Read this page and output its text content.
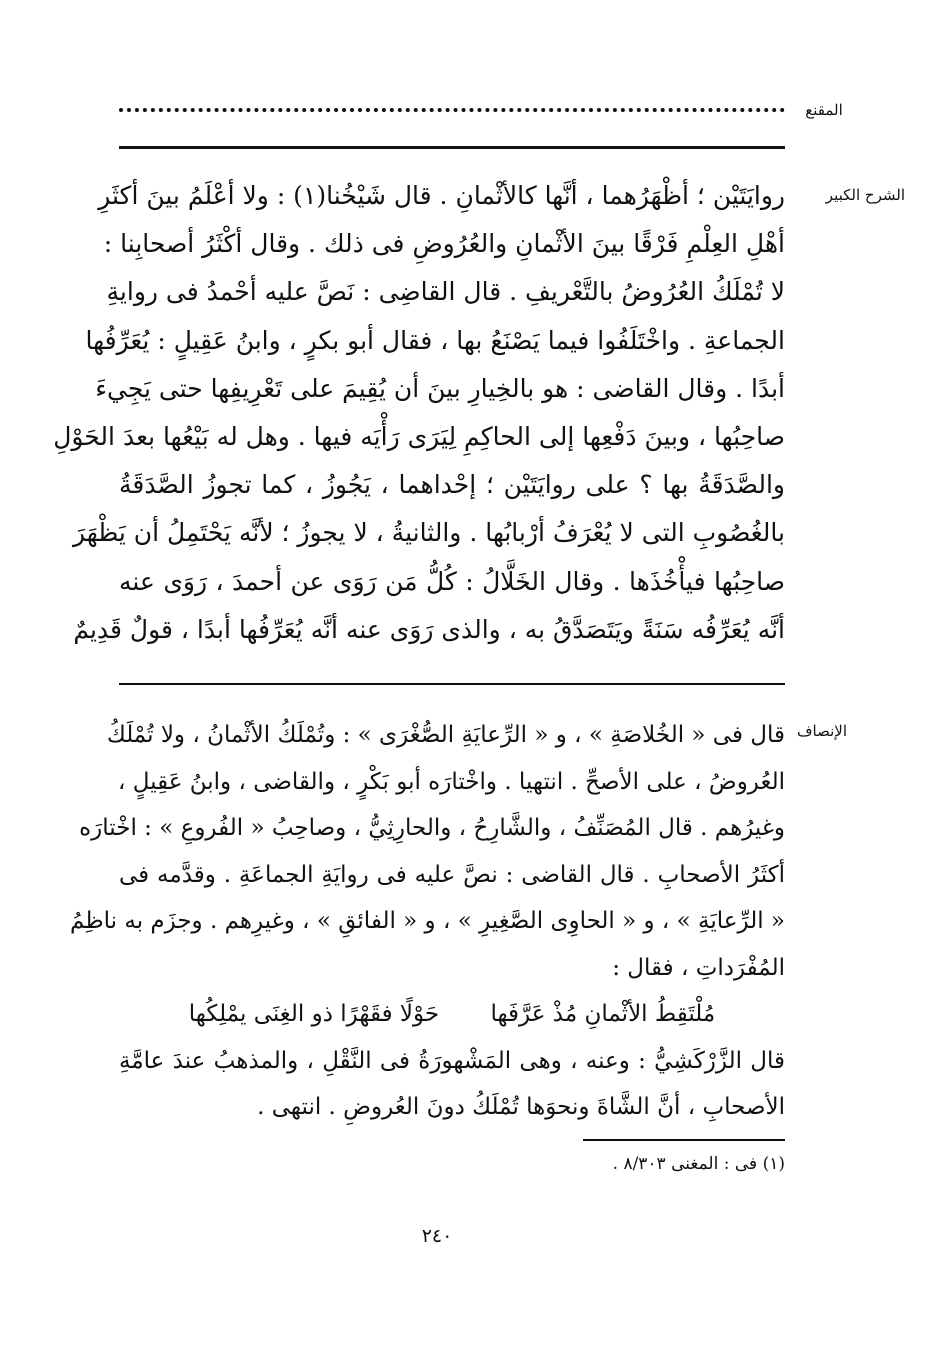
المقنع
الشرح الكبير
روايَتَيْن ؛ أظْهَرُهما ، أنَّها كالأثْمانِ . قال شَيْخُنا(١) : ولا أعْلَمُ بينَ أكثَرِ
أهْلِ العِلْمِ فَرْقًا بينَ الأثْمانِ والعُرُوضِ فى ذلك . وقال أكْثَرُ أصحابِنا :
لا تُمْلَكُ العُرُوضُ بالتَّعْريفِ . قال القاضِى : نَصَّ عليه أحْمدُ فى روايةِ
الجماعةِ . واخْتَلَفُوا فيما يَصْنَعُ بها ، فقال أبو بكرٍ ، وابنُ عَقِيلٍ : يُعَرِّفُها
أبدًا . وقال القاضى : هو بالخِيارِ بينَ أن يُقِيمَ على تَعْرِيفِها حتى يَجِيءَ
صاحِبُها ، وبينَ دَفْعِها إلى الحاكِمِ لِيَرَى رَأْيَه فيها . وهل له بَيْعُها بعدَ الحَوْلِ
والصَّدَقَةُ بها ؟ على روايَتَيْن ؛ إحْداهما ، يَجُوزُ ، كما تجوزُ الصَّدَقَةُ
بالغُصُوبِ التى لا يُعْرَفُ أرْبابُها . والثانيةُ ، لا يجوزُ ؛ لأنَّه يَحْتَمِلُ أن يَظْهَرَ
صاحِبُها فيأْخُذَها . وقال الخَلَّالُ : كُلُّ مَن رَوَى عن أحمدَ ، رَوَى عنه
أنَّه يُعَرِّفُه سَنَةً ويَتَصَدَّقُ به ، والذى رَوَى عنه أنَّه يُعَرِّفُها أبدًا ، قولٌ قَدِيمٌ
الإنصاف
قال فى « الخُلاصَةِ » ، و « الرِّعايَةِ الصُّغْرَى » : وتُمْلَكُ الأثْمانُ ، ولا تُمْلَكُ
العُروضُ ، على الأصحِّ . انتهيا . واخْتارَه أبو بَكْرٍ ، والقاضى ، وابنُ عَقِيلٍ ،
وغيرُهم . قال المُصَنِّفُ ، والشَّارِحُ ، والحارِثِيُّ ، وصاحِبُ « الفُروعِ » : اخْتارَه
أكثَرُ الأصحابِ . قال القاضى : نصَّ عليه فى روايَةِ الجماعَةِ . وقدَّمه فى
« الرِّعايَةِ » ، و « الحاوِى الصَّغِيرِ » ، و « الفائقِ » ، وغيرِهم . وجزَم به ناظِمُ
المُفْرَداتِ ، فقال :
مُلْتَقِطُ الأثْمانِ مُذْ عَرَّفَها حَوْلًا فقَهْرًا ذو الغِنَى يمْلِكُها
قال الزَّرْكَشِيُّ : وعنه ، وهى المَشْهورَةُ فى النَّقْلِ ، والمذهبُ عندَ عامَّةِ
الأصحابِ ، أنَّ الشَّاةَ ونحوَها تُمْلَكُ دونَ العُروضِ . انتهى .
(١) فى : المغنى ٨/٣٠٣ .
٢٤٠
